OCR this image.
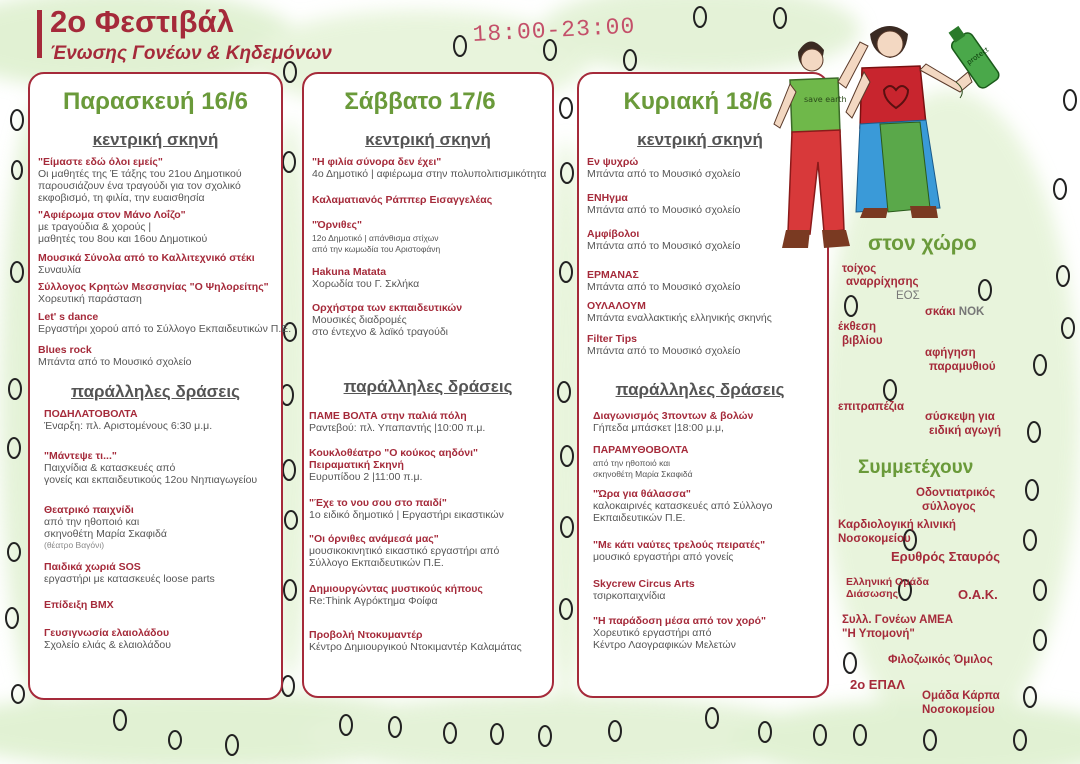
2ο Φεστιβάλ
Ένωσης Γονέων & Κηδεμόνων
18:00-23:00
Παρασκευή 16/6
κεντρική σκηνή
"Είμαστε εδώ όλοι εμείς"
Οι μαθητές της Έ τάξης του 21ου Δημοτικού
παρουσιάζουν ένα τραγούδι για τον σχολικό
εκφοβισμό, τη φιλία, την ευαισθησία
"Αφιέρωμα στον Μάνο Λοΐζο"
με τραγούδια & χορούς |
μαθητές του 8ου και 16ου Δημοτικού
Μουσικά Σύνολα από το Καλλιτεχνικό στέκι
Συναυλία
Σύλλογος Κρητών Μεσσηνίας "Ο Ψηλορείτης"
Χορευτική παράσταση
Let' s dance
Εργαστήρι χορού από το Σύλλογο Εκπαιδευτικών Π.Ε.
Blues rock
Μπάντα από το Μουσικό σχολείο
παράλληλες δράσεις
ΠΟΔΗΛΑΤΟΒΟΛΤΑ
Έναρξη: πλ. Αριστομένους 6:30 μ.μ.
"Μάντεψε τι..."
Παιχνίδια & κατασκευές από
γονείς και εκπαιδευτικούς 12ου Νηπιαγωγείου
Θεατρικό παιχνίδι
από την ηθοποιό και
σκηνοθέτη Μαρία Σκαφιδά
(θέατρο Βαγόνι)
Παιδικά χωριά SOS
εργαστήρι με κατασκευές loose parts
Επίδειξη BMX
Γευσιγνωσία ελαιολάδου
Σχολείο ελιάς & ελαιολάδου
Σάββατο 17/6
κεντρική σκηνή
"Η φιλία σύνορα δεν έχει"
4ο Δημοτικό | αφιέρωμα στην πολυπολιτισμικότητα
Καλαματιανός Ράππερ Εισαγγελέας
"Όρνιθες"
12ο Δημοτικό | απάνθισμα στίχων
από την κωμωδία του Αριστοφάνη
Hakuna Matata
Χορωδία του Γ. Σκλήκα
Ορχήστρα των εκπαιδευτικών
Μουσικές διαδρομές
στο έντεχνο & λαϊκό τραγούδι
παράλληλες δράσεις
ΠΑΜΕ ΒΟΛΤΑ στην παλιά πόλη
Ραντεβού: πλ. Υπαπαντής |10:00 π.μ.
Κουκλοθέατρο "Ο κούκος αηδόνι"
Πειραματική Σκηνή
Ευρυπίδου 2 |11:00 π.μ.
"Έχε το νου σου στο παιδί"
1ο ειδικό δημοτικό | Εργαστήρι εικαστικών
"Οι όρνιθες ανάμεσά μας"
μουσικοκινητικό εικαστικό εργαστήρι από
Σύλλογο Εκπαιδευτικών Π.Ε.
Δημιουργώντας μυστικούς κήπους
Re:Think Αγρόκτημα Φοίφα
Προβολή Ντοκυμαντέρ
Κέντρο Δημιουργικού Ντοκιμαντέρ Καλαμάτας
Κυριακή 18/6
κεντρική σκηνή
Εν ψυχρώ
Μπάντα από το Μουσικό σχολείο
ΕΝΗγμα
Μπάντα από το Μουσικό σχολείο
Αμφίβολοι
Μπάντα από το Μουσικό σχολείο
ΕΡΜΑΝΑΣ
Μπάντα από το Μουσικό σχολείο
ΟΥΛΑΛΟΥΜ
Μπάντα εναλλακτικής ελληνικής σκηνής
Filter Tips
Μπάντα από το Μουσικό σχολείο
παράλληλες δράσεις
Διαγωνισμός 3ποντων & βολών
Γήπεδα μπάσκετ |18:00 μ.μ,
ΠΑΡΑΜΥΘΟΒΟΛΤΑ
από την ηθοποιό και
σκηνοθέτη Μαρία Σκαφιδά
"Ώρα για θάλασσα"
καλοκαιρινές κατασκευές από Σύλλογο
Εκπαιδευτικών Π.Ε.
"Με κάτι ναύτες τρελούς πειρατές"
μουσικό εργαστήρι από γονείς
Skycrew Circus Arts
τσιρκοπαιχνίδια
"Η παράδοση μέσα από τον χορό"
Χορευτικό εργαστήρι από
Κέντρο Λαογραφικών Μελετών
save earth
protect
στον χώρο
τοίχος
αναρρίχησης
ΕΟΣ
σκάκι ΝΟΚ
έκθεση
βιβλίου
αφήγηση
παραμυθιού
επιτραπέζια
σύσκεψη για
ειδική αγωγή
Συμμετέχουν
Οδοντιατρικός
σύλλογος
Καρδιολογική κλινική
Νοσοκομείου
Ερυθρός Σταυρός
Ελληνική Ομάδα
Διάσωσης	Ο.Α.Κ.
Συλλ. Γονέων ΑΜΕΑ
"Η Υπομονή"
Φιλοζωικός Όμιλος
2ο ΕΠΑΛ
Ομάδα Κάρπα
Νοσοκομείου
